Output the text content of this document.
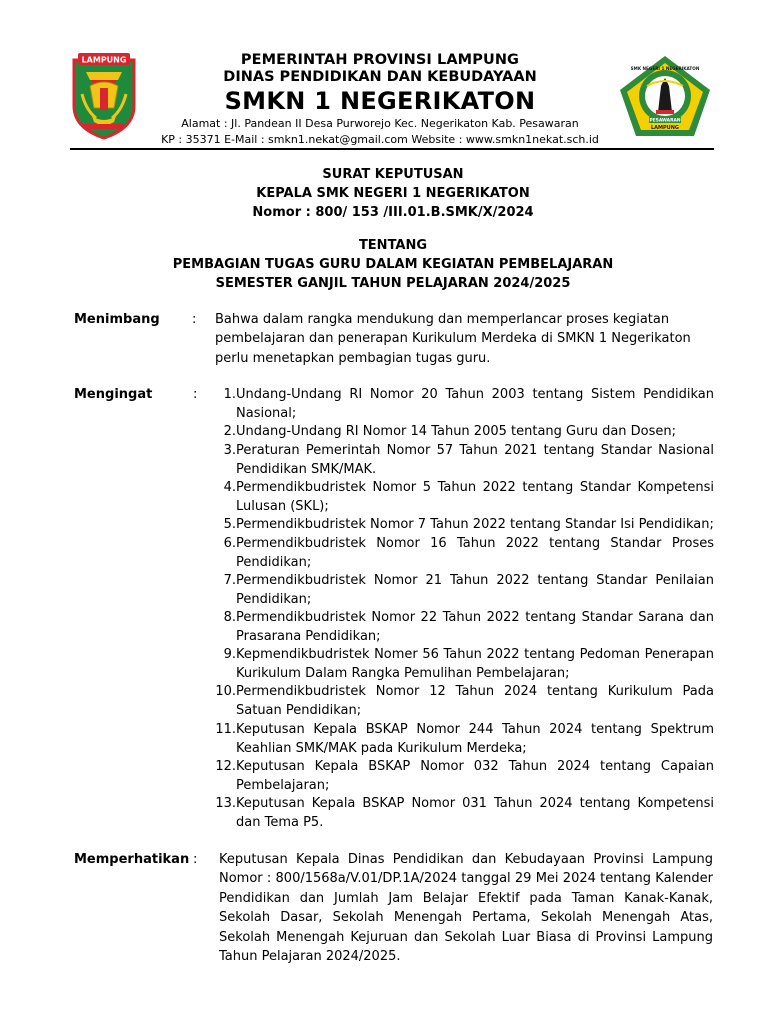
LAMPUNG	PEMERINTAH PROVINSI LAMPUNG
DINAS PENDIDIKAN DAN KEBUDAYAAN
SMKN 1 NEGERIKATON
Alamat : Jl. Pandean II Desa Purworejo Kec. Negerikaton Kab. Pesawaran
KP : 35371 E-Mail : smkn1.nekat@gmail.com Website : www.smkn1nekat.sch.id
SMK NEGERI 1 NEGERIKATON
PESAWARAN
LAMPUNG
SURAT KEPUTUSAN
KEPALA SMK NEGERI 1 NEGERIKATON
Nomor : 800/ 153 /III.01.B.SMK/X/2024
TENTANG
PEMBAGIAN TUGAS GURU DALAM KEGIATAN PEMBELAJARAN
SEMESTER GANJIL TAHUN PELAJARAN 2024/2025
Menimbang : Bahwa dalam rangka mendukung dan memperlancar proses kegiatan pembelajaran dan penerapan Kurikulum Merdeka di SMKN 1 Negerikaton perlu menetapkan pembagian tugas guru.
Mengingat	:	1. Undang-Undang RI Nomor 20 Tahun 2003 tentang Sistem Pendidikan Nasional;
2. Undang-Undang RI Nomor 14 Tahun 2005 tentang Guru dan Dosen;
3. Peraturan Pemerintah Nomor 57 Tahun 2021 tentang Standar Nasional Pendidikan SMK/MAK.
4. Permendikbudristek Nomor 5 Tahun 2022 tentang Standar Kompetensi Lulusan (SKL);
5. Permendikbudristek Nomor 7 Tahun 2022 tentang Standar Isi Pendidikan;
6. Permendikbudristek Nomor 16 Tahun 2022 tentang Standar Proses Pendidikan;
7. Permendikbudristek Nomor 21 Tahun 2022 tentang Standar Penilaian Pendidikan;
8. Permendikbudristek Nomor 22 Tahun 2022 tentang Standar Sarana dan Prasarana Pendidikan;
9. Kepmendikbudristek Nomer 56 Tahun 2022 tentang Pedoman Penerapan Kurikulum Dalam Rangka Pemulihan Pembelajaran;
10. Permendikbudristek Nomor 12 Tahun 2024 tentang Kurikulum Pada Satuan Pendidikan;
11. Keputusan Kepala BSKAP Nomor 244 Tahun 2024 tentang Spektrum Keahlian SMK/MAK pada Kurikulum Merdeka;
12. Keputusan Kepala BSKAP Nomor 032 Tahun 2024 tentang Capaian Pembelajaran;
13. Keputusan Kepala BSKAP Nomor 031 Tahun 2024 tentang Kompetensi dan Tema P5.
Memperhatikan : Keputusan Kepala Dinas Pendidikan dan Kebudayaan Provinsi Lampung Nomor : 800/1568a/V.01/DP.1A/2024 tanggal 29 Mei 2024 tentang Kalender Pendidikan dan Jumlah Jam Belajar Efektif pada Taman Kanak-Kanak, Sekolah Dasar, Sekolah Menengah Pertama, Sekolah Menengah Atas, Sekolah Menengah Kejuruan dan Sekolah Luar Biasa di Provinsi Lampung Tahun Pelajaran 2024/2025.
